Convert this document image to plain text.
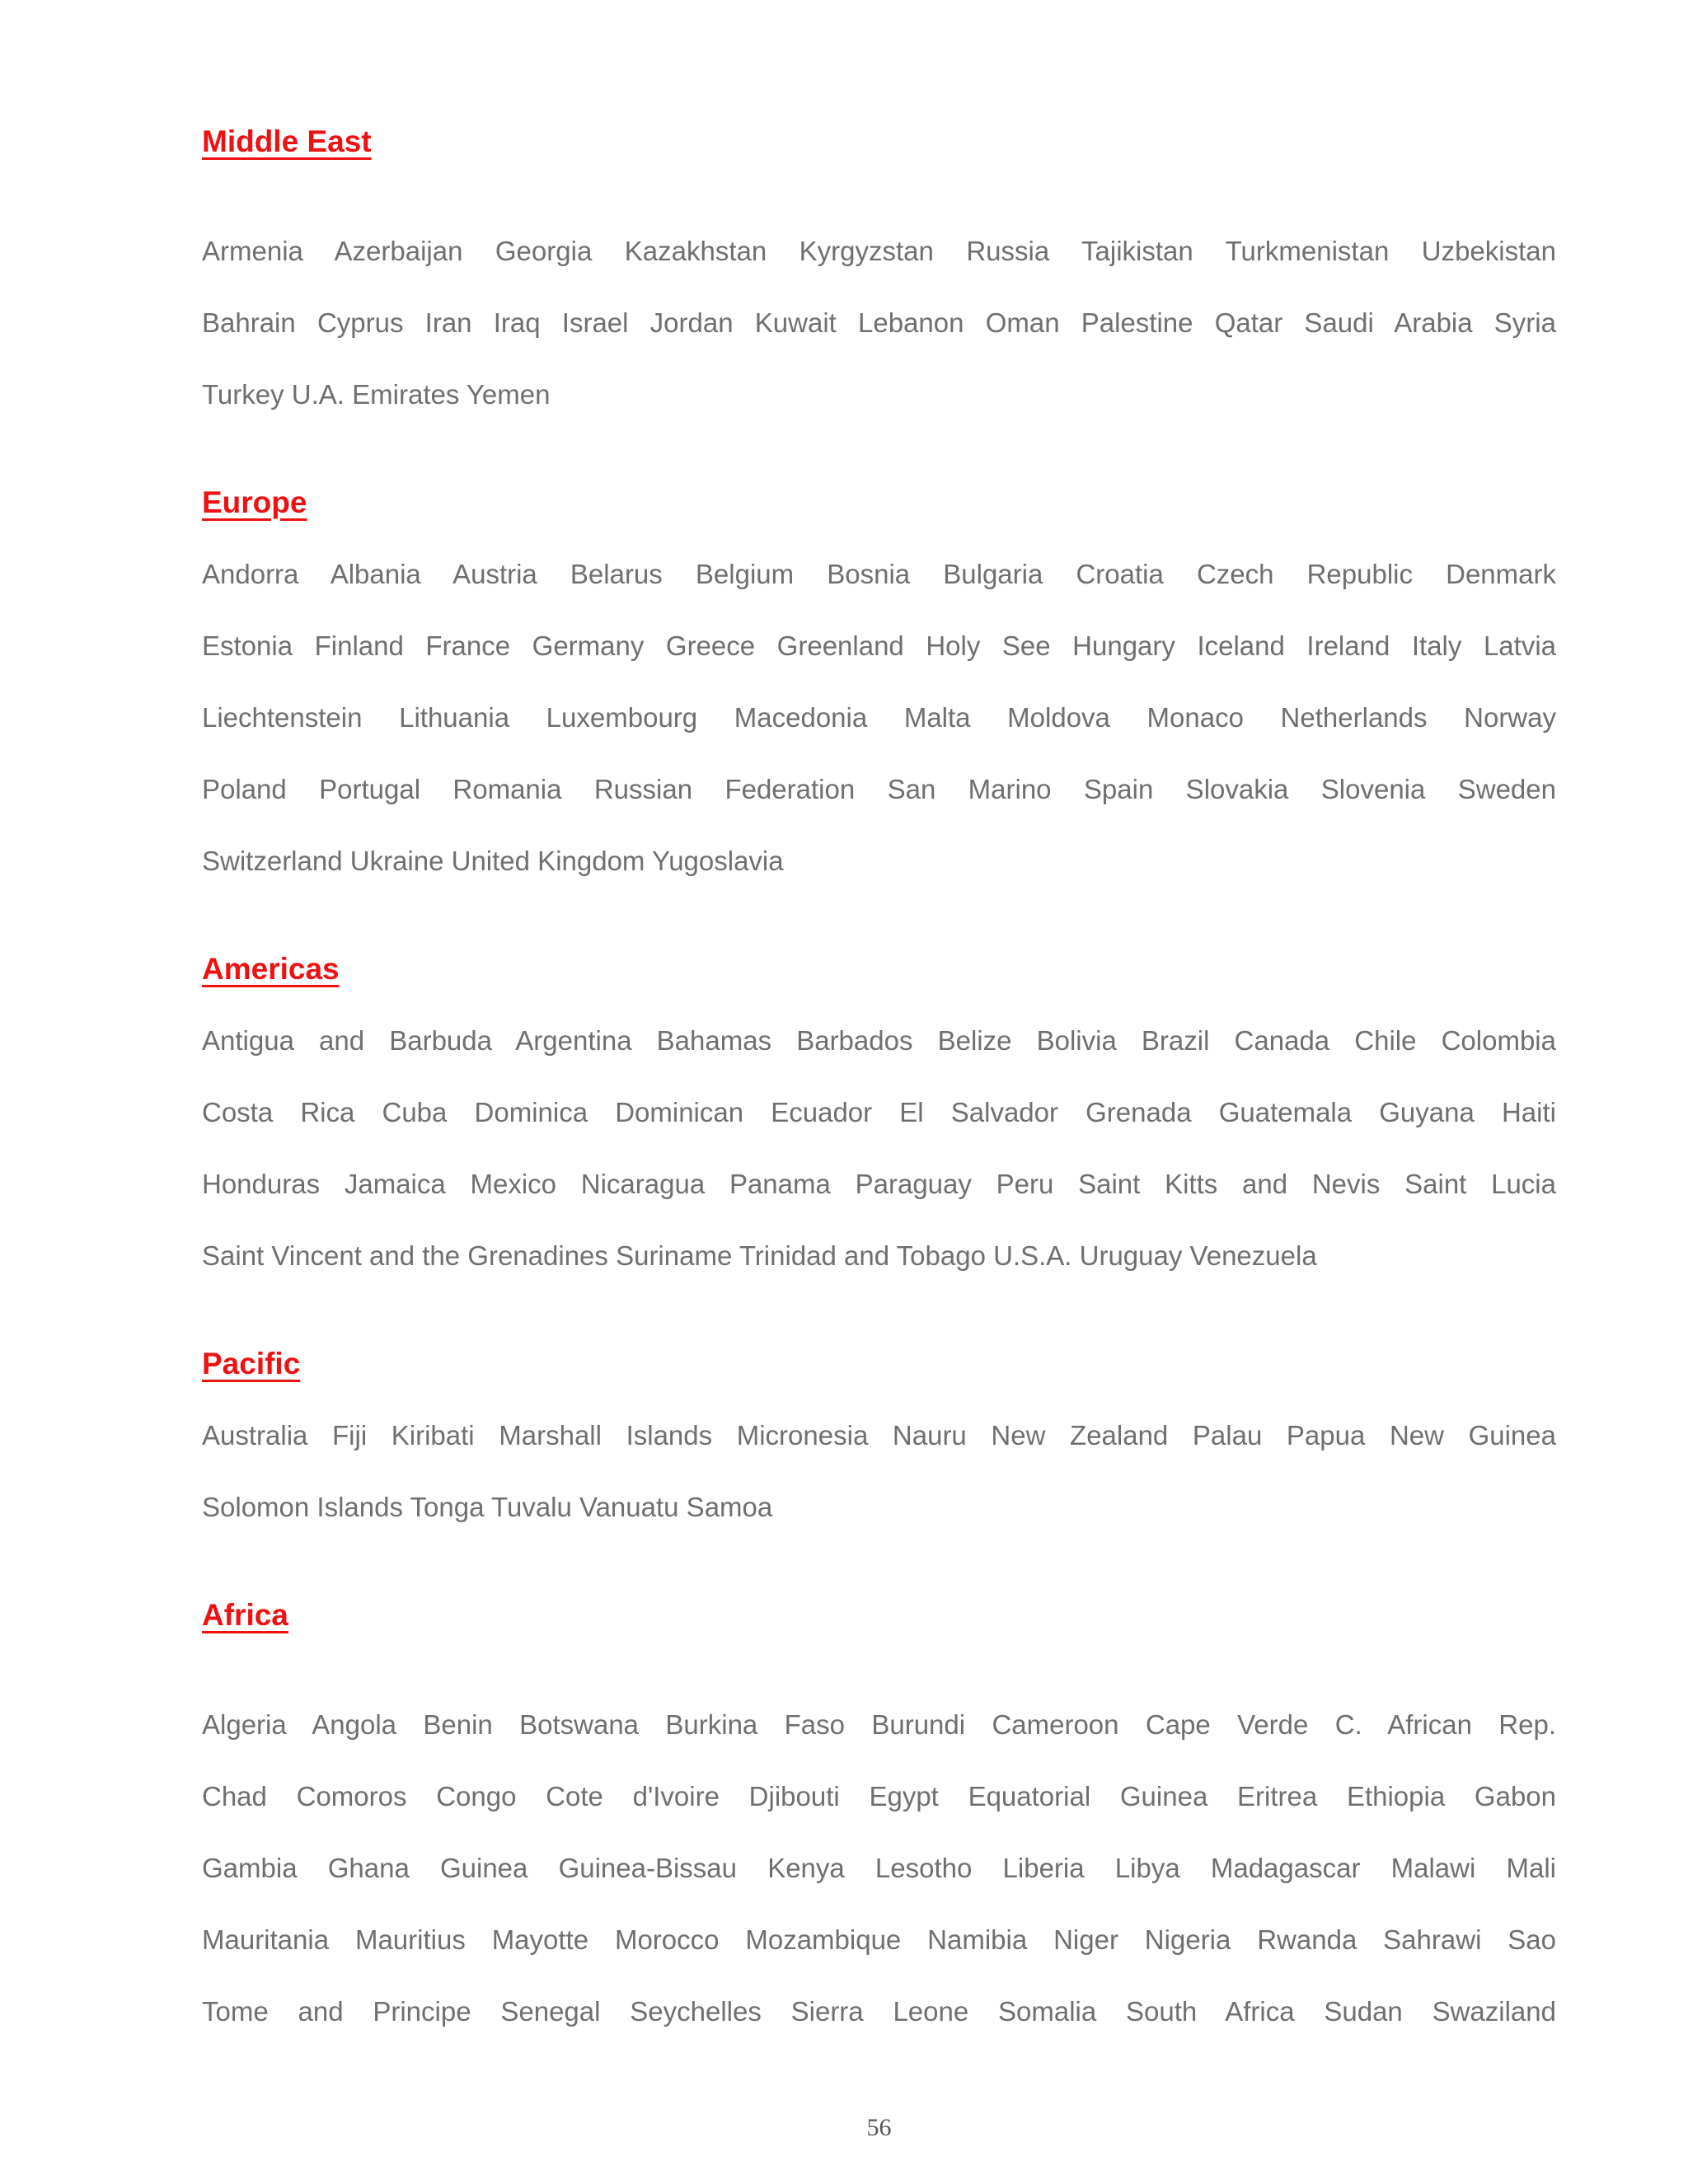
Middle East
Armenia Azerbaijan Georgia Kazakhstan Kyrgyzstan Russia Tajikistan Turkmenistan Uzbekistan
Bahrain Cyprus Iran Iraq Israel Jordan Kuwait Lebanon Oman Palestine Qatar Saudi Arabia Syria
Turkey U.A. Emirates Yemen
Europe
Andorra Albania Austria Belarus Belgium Bosnia Bulgaria Croatia Czech Republic Denmark
Estonia Finland France Germany Greece Greenland Holy See Hungary Iceland Ireland Italy Latvia
Liechtenstein Lithuania Luxembourg Macedonia Malta Moldova Monaco Netherlands Norway
Poland Portugal Romania Russian Federation San Marino Spain Slovakia Slovenia Sweden
Switzerland Ukraine United Kingdom Yugoslavia
Americas
Antigua and Barbuda Argentina Bahamas Barbados Belize Bolivia Brazil Canada Chile Colombia
Costa Rica Cuba Dominica Dominican Ecuador El Salvador Grenada Guatemala Guyana Haiti
Honduras Jamaica Mexico Nicaragua Panama Paraguay Peru Saint Kitts and Nevis Saint Lucia
Saint Vincent and the Grenadines Suriname Trinidad and Tobago U.S.A. Uruguay Venezuela
Pacific
Australia Fiji Kiribati Marshall Islands Micronesia Nauru New Zealand Palau Papua New Guinea
Solomon Islands Tonga Tuvalu Vanuatu Samoa
Africa
Algeria Angola Benin Botswana Burkina Faso Burundi Cameroon Cape Verde C. African Rep.
Chad Comoros Congo Cote d'Ivoire Djibouti Egypt Equatorial Guinea Eritrea Ethiopia Gabon
Gambia Ghana Guinea Guinea-Bissau Kenya Lesotho Liberia Libya Madagascar Malawi Mali
Mauritania Mauritius Mayotte Morocco Mozambique Namibia Niger Nigeria Rwanda Sahrawi Sao
Tome and Principe Senegal Seychelles Sierra Leone Somalia South Africa Sudan Swaziland
56
